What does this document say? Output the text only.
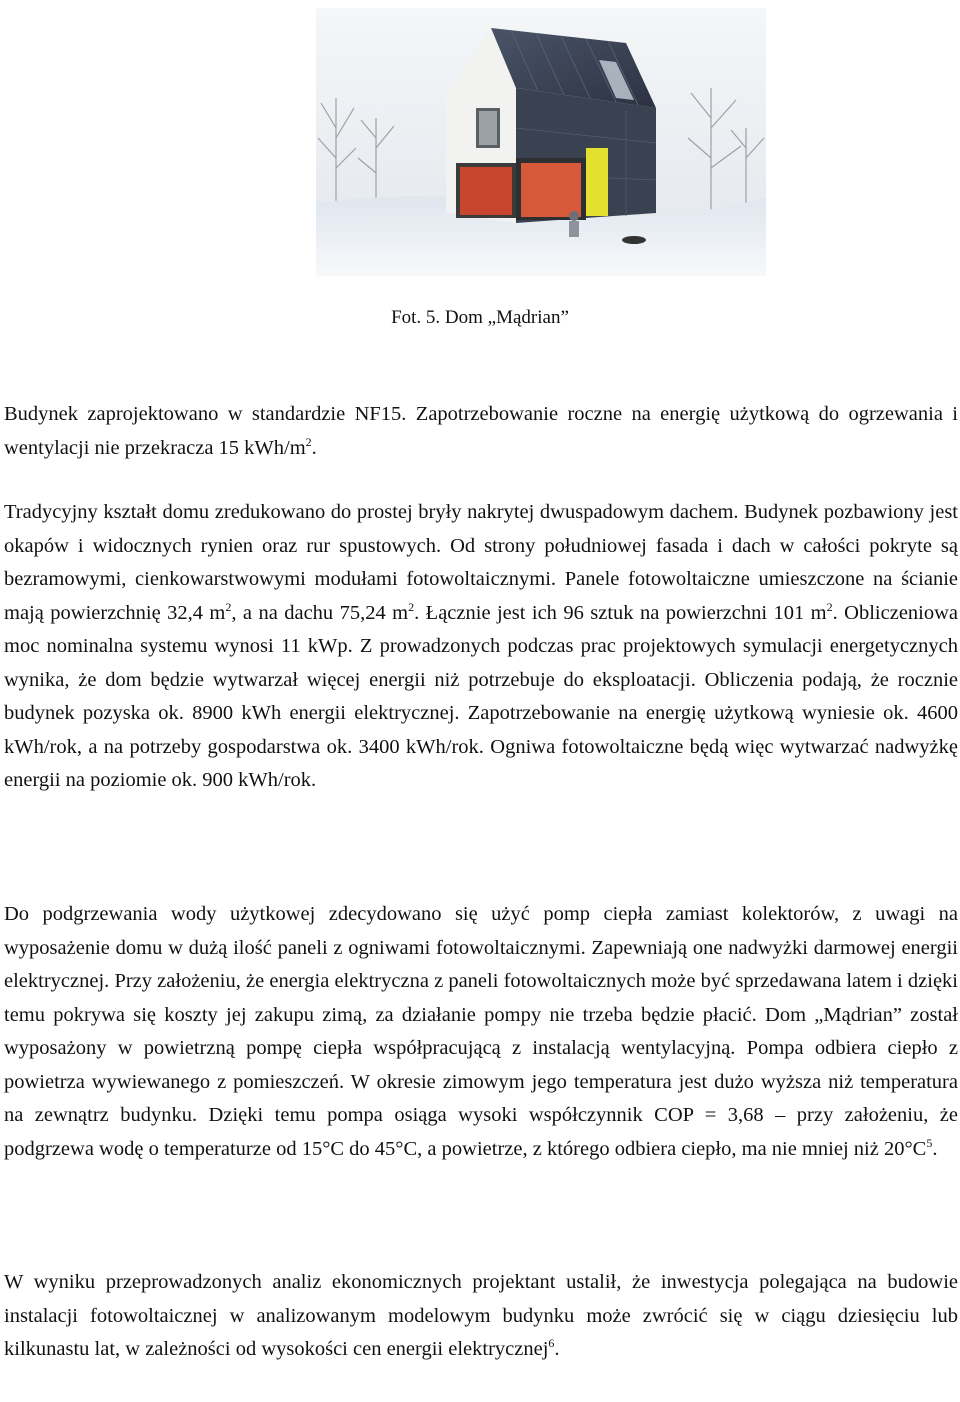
Fot. 5. Dom „Mądrian”

Budynek zaprojektowano w standardzie NF15. Zapotrzebowanie roczne na energię użytkową do ogrzewania i wentylacji nie przekracza 15 kWh/$m^2$.

Tradycyjny kształt domu zredukowano do prostej bryły nakrytej dwuspadowym dachem. Budynek pozbawiony jest okapów i widocznych rynien oraz rur spustowych. Od strony południowej fasada i dach w całości pokryte są bezramowymi, cienkowarstwowymi modułami fotowoltaicznymi. Panele fotowoltaiczne umieszczone na ścianie mają powierzchnię 32,4 $m^2$, a na dachu 75,24 $m^2$. Łącznie jest ich 96 sztuk na powierzchni 101 $m^2$. Obliczeniowa moc nominalna systemu wynosi 11 kWp. Z prowadzonych podczas prac projektowych symulacji energetycznych wynika, że dom będzie wytwarzał więcej energii niż potrzebuje do eksploatacji. Obliczenia podają, że rocznie budynek pozyska ok. 8900 kWh energii elektrycznej. Zapotrzebowanie na energię użytkową wyniesie ok. 4600 kWh/rok, a na potrzeby gospodarstwa ok. 3400 kWh/rok. Ogniwa fotowoltaiczne będą więc wytwarzać nadwyżkę energii na poziomie ok. 900 kWh/rok.

Do podgrzewania wody użytkowej zdecydowano się użyć pomp ciepła zamiast kolektorów, z uwagi na wyposażenie domu w dużą ilość paneli z ogniwami fotowoltaicznymi. Zapewniają one nadwyżki darmowej energii elektrycznej. Przy założeniu, że energia elektryczna z paneli fotowoltaicznych może być sprzedawana latem i dzięki temu pokrywa się koszty jej zakupu zimą, za działanie pompy nie trzeba będzie płacić. Dom „Mądrian” został wyposażony w powietrzną pompę ciepła współpracującą z instalacją wentylacyjną. Pompa odbiera ciepło z powietrza wywiewanego z pomieszczeń. W okresie zimowym jego temperatura jest dużo wyższa niż temperatura na zewnątrz budynku. Dzięki temu pompa osiąga wysoki współczynnik COP = 3,68 – przy założeniu, że podgrzewa wodę o temperaturze od 15°C do 45°C, a powietrze, z którego odbiera ciepło, ma nie mniej niż $20^\circ C^5$.

W wyniku przeprowadzonych analiz ekonomicznych projektant ustalił, że inwestycja polegająca na budowie instalacji fotowoltaicznej w analizowanym modelowym budynku może zwrócić się w ciągu dziesięciu lub kilkunastu lat, w zależności od wysokości cen energii elektrycznej$^6$.
